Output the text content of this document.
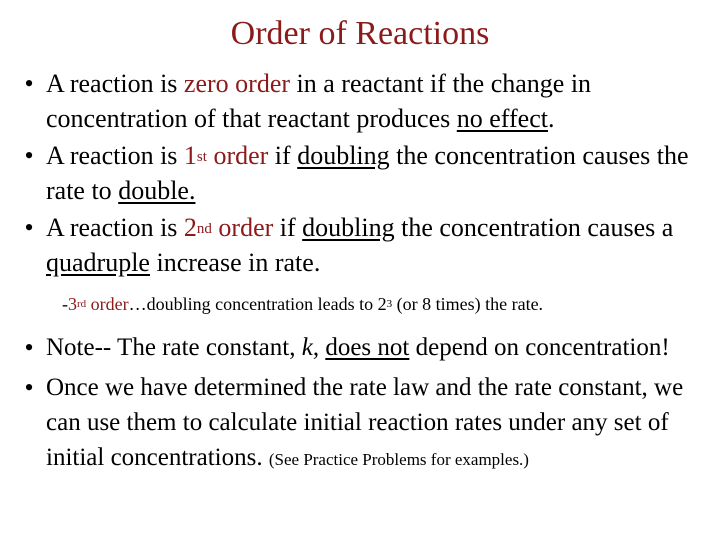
Order of Reactions
• A reaction is zero order in a reactant if the change in concentration of that reactant produces no effect.
• A reaction is 1st order if doubling the concentration causes the rate to double.
• A reaction is 2nd order if doubling the concentration causes a quadruple increase in rate.
-3rd order…doubling concentration leads to $2^3$ (or 8 times) the rate.
• Note-- The rate constant, k, does not depend on concentration!
• Once we have determined the rate law and the rate constant, we can use them to calculate initial reaction rates under any set of initial concentrations. (See Practice Problems for examples.)
